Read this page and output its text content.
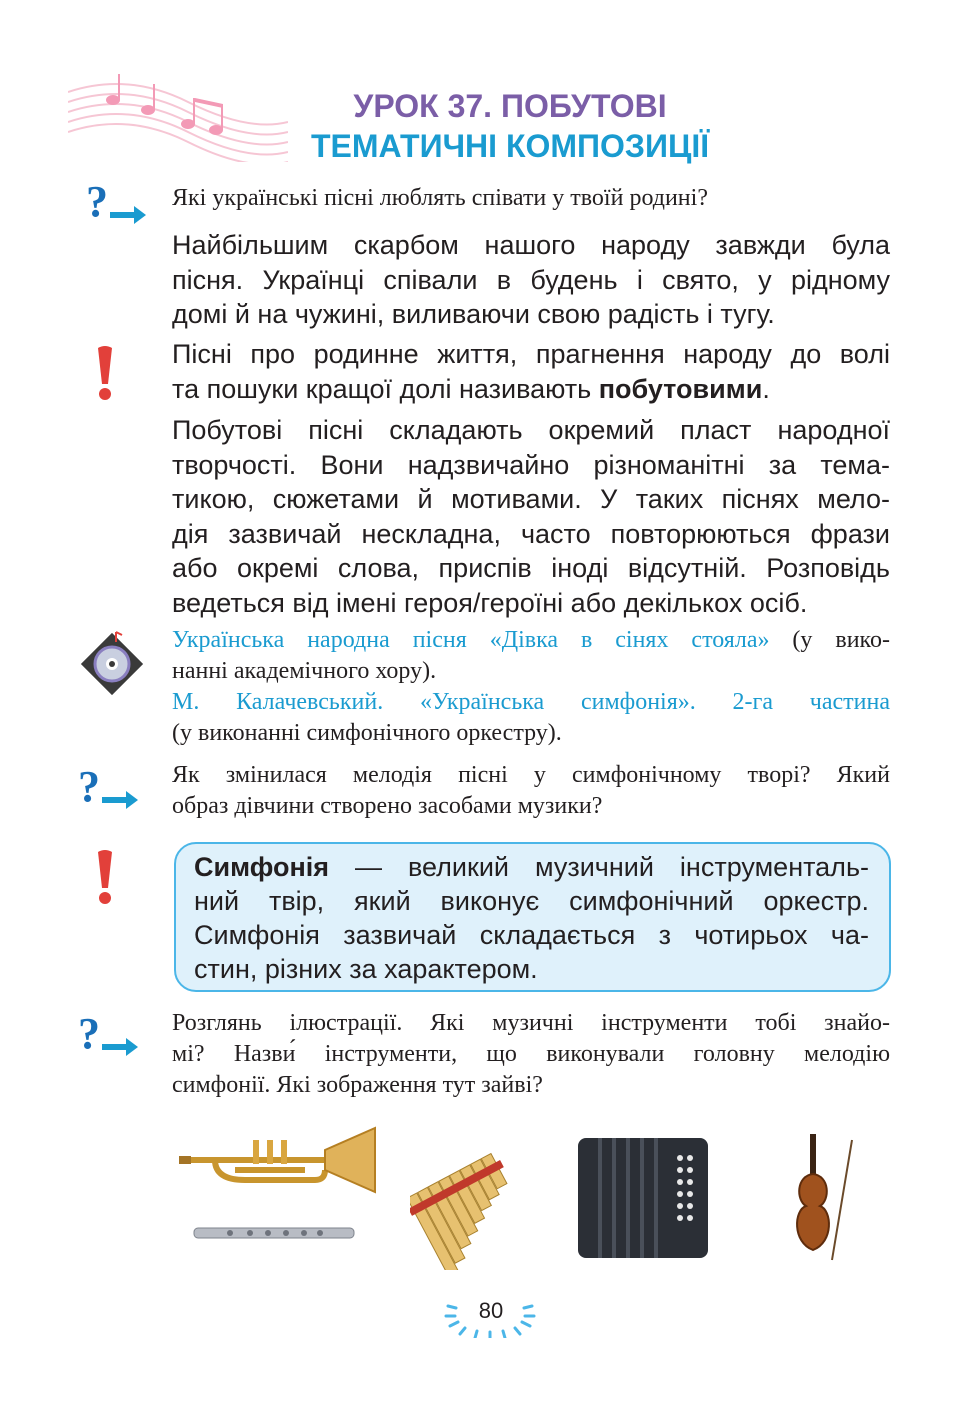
УРОК 37. ПОБУТОВІ
ТЕМАТИЧНІ КОМПОЗИЦІЇ
?	Які українські пісні люблять співати у твоїй родині?
Найбільшим скарбом нашого народу завжди була
пісня. Українці співали в будень і свято, у рідному
домі й на чужині, виливаючи свою радість і тугу.
Пісні про родинне життя, прагнення народу до волі
та пошуки кращої долі називають побутовими.
Побутові пісні складають окремий пласт народної
творчості. Вони надзвичайно різноманітні за тема-
тикою, сюжетами й мотивами. У таких піснях мело-
дія зазвичай нескладна, часто повторюються фрази
або окремі слова, приспів іноді відсутній. Розповідь
ведеться від імені героя/героїні або декількох осіб.
Українська народна пісня «Дівка в сінях стояла» (у вико-
нанні академічного хору).
М. Калачевський. «Українська симфонія». 2-га частина
(у виконанні симфонічного оркестру).
?	Як змінилася мелодія пісні у симфонічному творі? Який
образ дівчини створено засобами музики?
Симфонія — великий музичний інструменталь-
ний твір, який виконує симфонічний оркестр.
Симфонія зазвичай складається з чотирьох ча-
стин, різних за характером.
?	Розглянь ілюстрації. Які музичні інструменти тобі знайо-
мі? Назви́ інструменти, що виконували головну мелодію
симфонії. Які зображення тут зайві?
80
